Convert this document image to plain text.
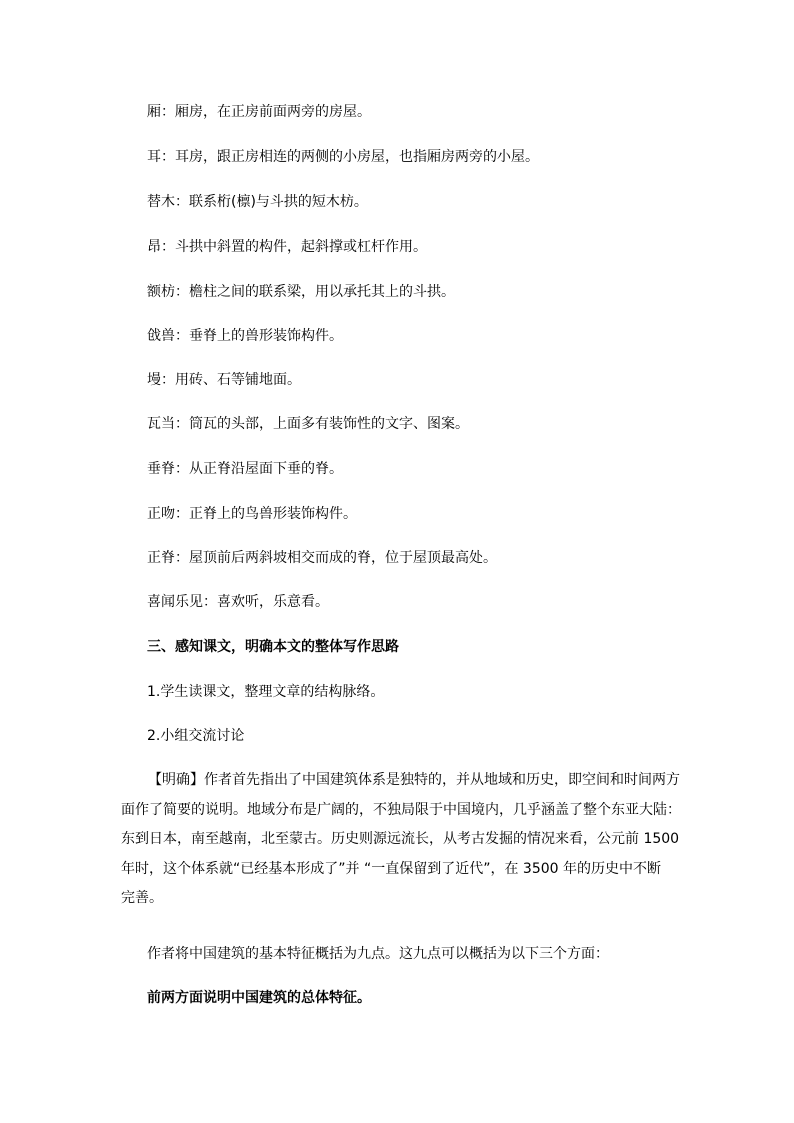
厢：厢房，在正房前面两旁的房屋。
耳：耳房，跟正房相连的两侧的小房屋，也指厢房两旁的小屋。
替木：联系桁(檩)与斗拱的短木枋。
昂：斗拱中斜置的构件，起斜撑或杠杆作用。
额枋：檐柱之间的联系梁，用以承托其上的斗拱。
戗兽：垂脊上的兽形装饰构件。
墁：用砖、石等铺地面。
瓦当：筒瓦的头部，上面多有装饰性的文字、图案。
垂脊：从正脊沿屋面下垂的脊。
正吻：正脊上的鸟兽形装饰构件。
正脊：屋顶前后两斜坡相交而成的脊，位于屋顶最高处。
喜闻乐见：喜欢听，乐意看。
三、感知课文，明确本文的整体写作思路
1.学生读课文，整理文章的结构脉络。
2.小组交流讨论
【明确】作者首先指出了中国建筑体系是独特的，并从地域和历史，即空间和时间两方
面作了简要的说明。地域分布是广阔的，不独局限于中国境内，几乎涵盖了整个东亚大陆：
东到日本，南至越南，北至蒙古。历史则源远流长，从考古发掘的情况来看，公元前 1500
年时，这个体系就“已经基本形成了”并 “一直保留到了近代”，在 3500 年的历史中不断
完善。
作者将中国建筑的基本特征概括为九点。这九点可以概括为以下三个方面：
前两方面说明中国建筑的总体特征。
